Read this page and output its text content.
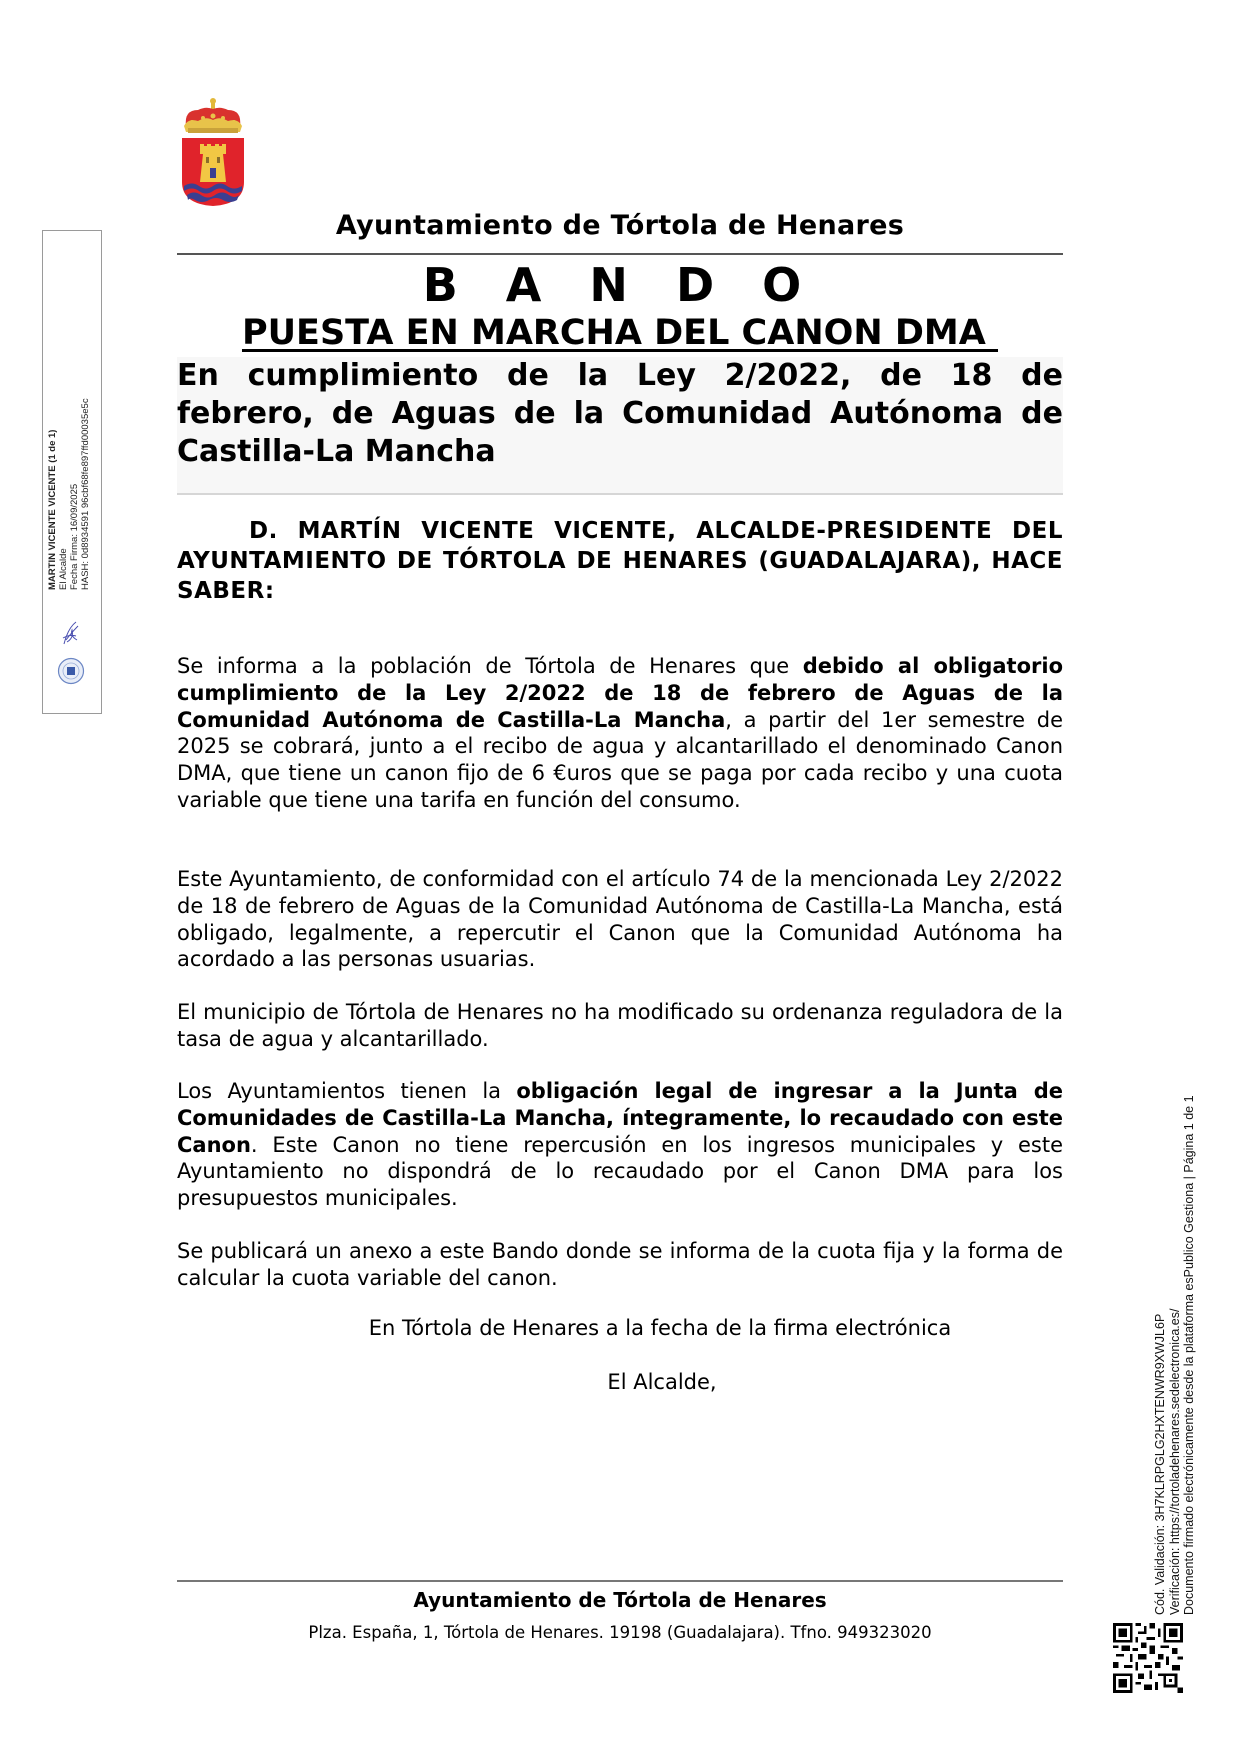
Ayuntamiento de Tórtola de Henares
B A N D O
PUESTA EN MARCHA DEL CANON DMA

En cumplimiento de la Ley 2/2022, de 18 de febrero, de Aguas de la Comunidad Autónoma de Castilla-La Mancha

D. MARTÍN VICENTE VICENTE, ALCALDE-PRESIDENTE DEL AYUNTAMIENTO DE TÓRTOLA DE HENARES (GUADALAJARA), HACE SABER:

Se informa a la población de Tórtola de Henares que debido al obligatorio cumplimiento de la Ley 2/2022 de 18 de febrero de Aguas de la Comunidad Autónoma de Castilla-La Mancha, a partir del 1er semestre de 2025 se cobrará, junto a el recibo de agua y alcantarillado el denominado Canon DMA, que tiene un canon fijo de 6 €uros que se paga por cada recibo y una cuota variable que tiene una tarifa en función del consumo.

Este Ayuntamiento, de conformidad con el artículo 74 de la mencionada Ley 2/2022 de 18 de febrero de Aguas de la Comunidad Autónoma de Castilla-La Mancha, está obligado, legalmente, a repercutir el Canon que la Comunidad Autónoma ha acordado a las personas usuarias.

El municipio de Tórtola de Henares no ha modificado su ordenanza reguladora de la tasa de agua y alcantarillado.

Los Ayuntamientos tienen la obligación legal de ingresar a la Junta de Comunidades de Castilla-La Mancha, íntegramente, lo recaudado con este Canon. Este Canon no tiene repercusión en los ingresos municipales y este Ayuntamiento no dispondrá de lo recaudado por el Canon DMA para los presupuestos municipales.

Se publicará un anexo a este Bando donde se informa de la cuota fija y la forma de calcular la cuota variable del canon.

En Tórtola de Henares a la fecha de la firma electrónica
El Alcalde,
Ayuntamiento de Tórtola de Henares
Plza. España, 1, Tórtola de Henares. 19198 (Guadalajara). Tfno. 949323020
MARTIN VICENTE VICENTE (1 de 1) El Alcalde Fecha Firma: 16/09/2025 HASH: 0d8934591 96cbf68fe897ffd00035e5c
Cód. Validación: 3H7KLRPGLG2HXTENWR9XWJL6P Verificación: https://tortoladehenares.sedelectronica.es/ Documento firmado electrónicamente desde la plataforma esPublico Gestiona | Página 1 de 1
